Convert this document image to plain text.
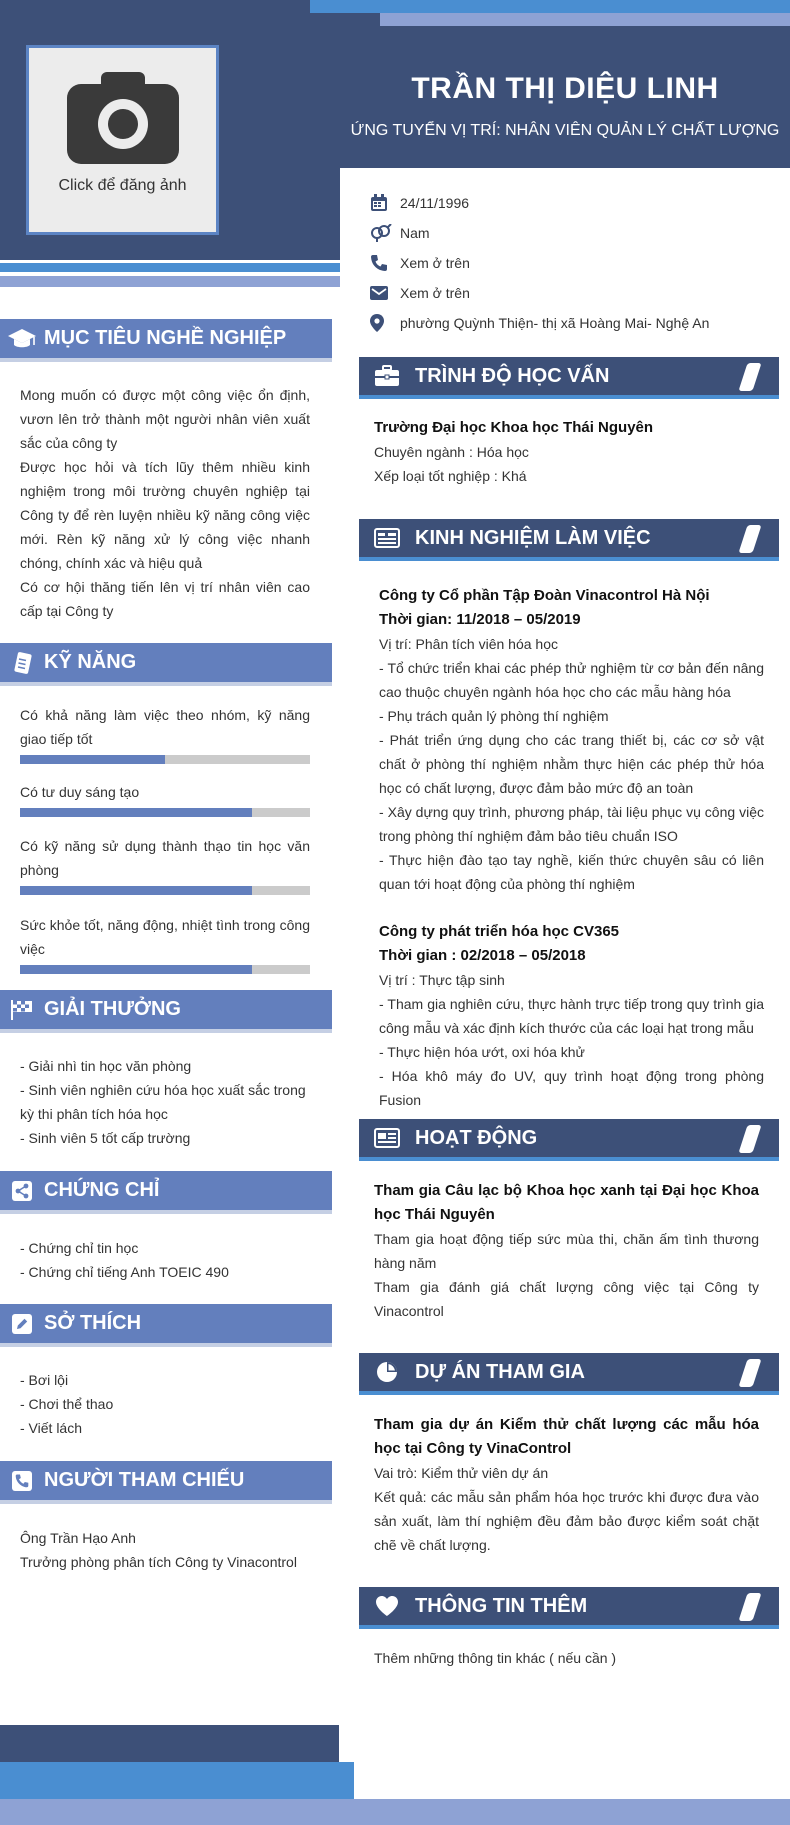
Click để đăng ảnh
TRẦN THỊ DIỆU LINH
ỨNG TUYỂN VỊ TRÍ: NHÂN VIÊN QUẢN LÝ CHẤT LƯỢNG
24/11/1996
Nam
Xem ở trên
Xem ở trên
phường Quỳnh Thiện- thị xã Hoàng Mai- Nghệ An
MỤC TIÊU NGHỀ NGHIỆP

Mong muốn có được một công việc ổn định, vươn lên trở thành một người nhân viên xuất sắc của công ty

Được học hỏi và tích lũy thêm nhiều kinh nghiệm trong môi trường chuyên nghiệp tại Công ty để rèn luyện nhiều kỹ năng công việc mới. Rèn kỹ năng xử lý công việc nhanh chóng, chính xác và hiệu quả

Có cơ hội thăng tiến lên vị trí nhân viên cao cấp tại Công ty

KỸ NĂNG
Có khả năng làm việc theo nhóm, kỹ năng giao tiếp tốt
Có tư duy sáng tạo
Có kỹ năng sử dụng thành thạo tin học văn phòng
Sức khỏe tốt, năng động, nhiệt tình trong công việc
GIẢI THƯỞNG

- Giải nhì tin học văn phòng

- Sinh viên nghiên cứu hóa học xuất sắc trong kỳ thi phân tích hóa học

- Sinh viên 5 tốt cấp trường

CHỨNG CHỈ

- Chứng chỉ tin học

- Chứng chỉ tiếng Anh TOEIC 490

SỞ THÍCH

- Bơi lội

- Chơi thể thao

- Viết lách

NGƯỜI THAM CHIẾU

Ông Trần Hạo Anh

Trưởng phòng phân tích Công ty Vinacontrol

TRÌNH ĐỘ HỌC VẤN

Trường Đại học Khoa học Thái Nguyên

Chuyên ngành : Hóa học

Xếp loại tốt nghiệp : Khá

KINH NGHIỆM LÀM VIỆC

Công ty Cổ phần Tập Đoàn Vinacontrol Hà Nội

Thời gian: 11/2018 – 05/2019

Vị trí: Phân tích viên hóa học

- Tổ chức triển khai các phép thử nghiệm từ cơ bản đến nâng cao thuộc chuyên ngành hóa học cho các mẫu hàng hóa

- Phụ trách quản lý phòng thí nghiệm

- Phát triển ứng dụng cho các trang thiết bị, các cơ sở vật chất ở phòng thí nghiệm nhằm thực hiện các phép thử hóa học có chất lượng, được đảm bảo mức độ an toàn

- Xây dựng quy trình, phương pháp, tài liệu phục vụ công việc trong phòng thí nghiệm đảm bảo tiêu chuẩn ISO

- Thực hiện đào tạo tay nghề, kiến thức chuyên sâu có liên quan tới hoạt động của phòng thí nghiệm

Công ty phát triển hóa học CV365

Thời gian : 02/2018 – 05/2018

Vị trí : Thực tập sinh

- Tham gia nghiên cứu, thực hành trực tiếp trong quy trình gia công mẫu và xác định kích thước của các loại hạt trong mẫu

- Thực hiện hóa ướt, oxi hóa khử

- Hóa khô máy đo UV, quy trình hoạt động trong phòng Fusion

HOẠT ĐỘNG

Tham gia Câu lạc bộ Khoa học xanh tại Đại học Khoa học Thái Nguyên

Tham gia hoạt động tiếp sức mùa thi, chăn ấm tình thương hàng năm

Tham gia đánh giá chất lượng công việc tại Công ty Vinacontrol

DỰ ÁN THAM GIA

Tham gia dự án Kiểm thử chất lượng các mẫu hóa học tại Công ty VinaControl

Vai trò: Kiểm thử viên dự án

Kết quả: các mẫu sản phẩm hóa học trước khi được đưa vào sản xuất, làm thí nghiệm đều đảm bảo được kiểm soát chặt chẽ về chất lượng.

THÔNG TIN THÊM

Thêm những thông tin khác ( nếu cần )
